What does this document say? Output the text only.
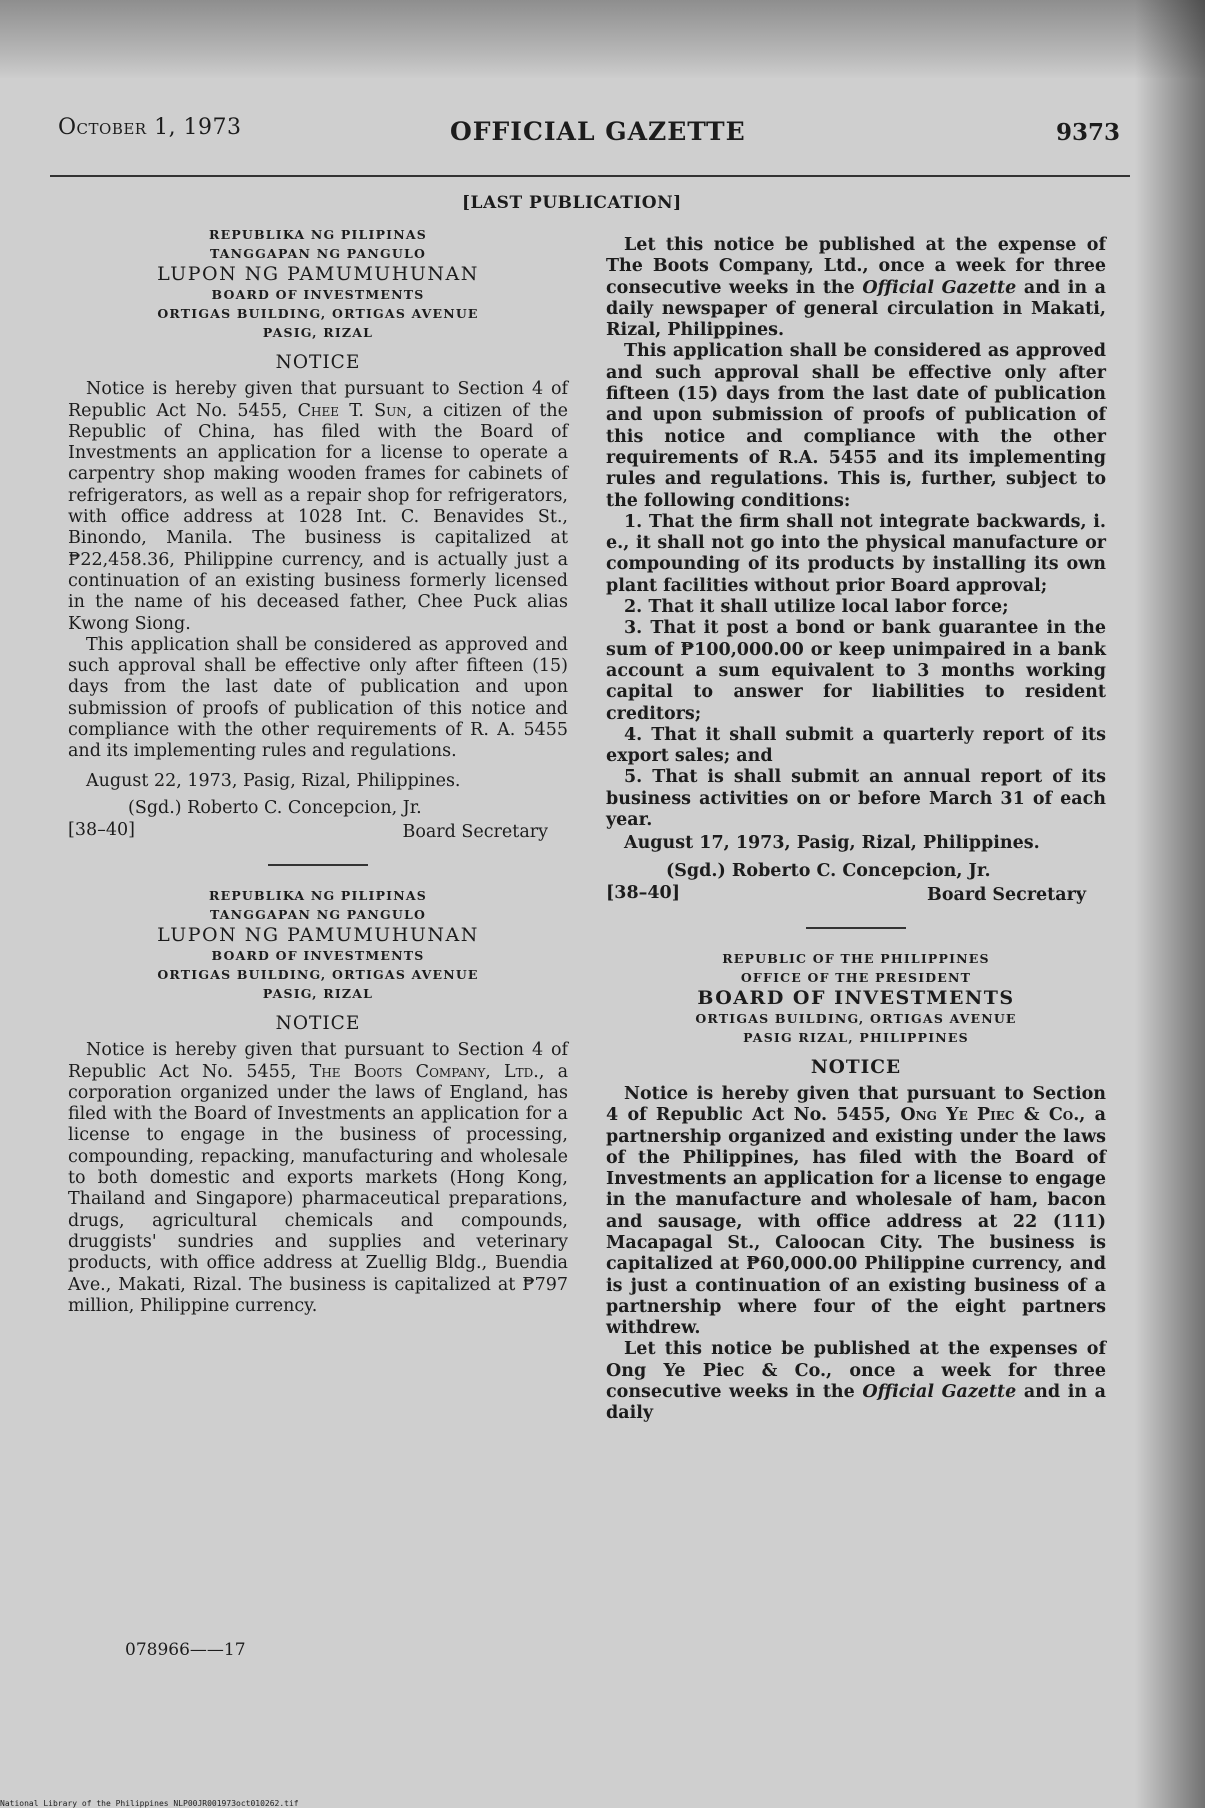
October 1, 1973	OFFICIAL GAZETTE	9373
[LAST PUBLICATION]
REPUBLIKA NG PILIPINAS
TANGGAPAN NG PANGULO
LUPON NG PAMUMUHUNAN
BOARD OF INVESTMENTS
ORTIGAS BUILDING, ORTIGAS AVENUE
PASIG, RIZAL
NOTICE

Notice is hereby given that pursuant to Section 4 of Republic Act No. 5455, Chee T. Sun, a citizen of the Republic of China, has filed with the Board of Investments an application for a license to operate a carpentry shop making wooden frames for cabinets of refrigerators, as well as a repair shop for refrigerators, with office address at 1028 Int. C. Benavides St., Binondo, Manila. The business is capitalized at ₱22,458.36, Philippine currency, and is actually just a continuation of an existing business formerly licensed in the name of his deceased father, Chee Puck alias Kwong Siong.

This application shall be considered as approved and such approval shall be effective only after fifteen (15) days from the last date of publication and upon submission of proofs of publication of this notice and compliance with the other requirements of R. A. 5455 and its implementing rules and regulations.

August 22, 1973, Pasig, Rizal, Philippines.
(Sgd.) Roberto C. Concepcion, Jr.
[38–40]	Board Secretary
REPUBLIKA NG PILIPINAS
TANGGAPAN NG PANGULO
LUPON NG PAMUMUHUNAN
BOARD OF INVESTMENTS
ORTIGAS BUILDING, ORTIGAS AVENUE
PASIG, RIZAL
NOTICE

Notice is hereby given that pursuant to Section 4 of Republic Act No. 5455, The Boots Company, Ltd., a corporation organized under the laws of England, has filed with the Board of Investments an application for a license to engage in the business of processing, compounding, repacking, manufacturing and wholesale to both domestic and exports markets (Hong Kong, Thailand and Singapore) pharmaceutical preparations, drugs, agricultural chemicals and compounds, druggists' sundries and supplies and veterinary products, with office address at Zuellig Bldg., Buendia Ave., Makati, Rizal. The business is capitalized at ₱797 million, Philippine currency.

078966——17

Let this notice be published at the expense of The Boots Company, Ltd., once a week for three consecutive weeks in the Official Gazette and in a daily newspaper of general circulation in Makati, Rizal, Philippines.

This application shall be considered as approved and such approval shall be effective only after fifteen (15) days from the last date of publication and upon submission of proofs of publication of this notice and compliance with the other requirements of R.A. 5455 and its implementing rules and regulations. This is, further, subject to the following conditions:

1. That the firm shall not integrate backwards, i. e., it shall not go into the physical manufacture or compounding of its products by installing its own plant facilities without prior Board approval;

2. That it shall utilize local labor force;

3. That it post a bond or bank guarantee in the sum of ₱100,000.00 or keep unimpaired in a bank account a sum equivalent to 3 months working capital to answer for liabilities to resident creditors;

4. That it shall submit a quarterly report of its export sales; and

5. That is shall submit an annual report of its business activities on or before March 31 of each year.

August 17, 1973, Pasig, Rizal, Philippines.
(Sgd.) Roberto C. Concepcion, Jr.
[38–40]	Board Secretary
REPUBLIC OF THE PHILIPPINES
OFFICE OF THE PRESIDENT
BOARD OF INVESTMENTS
ORTIGAS BUILDING, ORTIGAS AVENUE
PASIG RIZAL, PHILIPPINES
NOTICE

Notice is hereby given that pursuant to Section 4 of Republic Act No. 5455, Ong Ye Piec & Co., a partnership organized and existing under the laws of the Philippines, has filed with the Board of Investments an application for a license to engage in the manufacture and wholesale of ham, bacon and sausage, with office address at 22 (111) Macapagal St., Caloocan City. The business is capitalized at ₱60,000.00 Philippine currency, and is just a continuation of an existing business of a partnership where four of the eight partners withdrew.

Let this notice be published at the expenses of Ong Ye Piec & Co., once a week for three consecutive weeks in the Official Gazette and in a daily

National Library of the Philippines NLP00JR001973oct010262.tif
